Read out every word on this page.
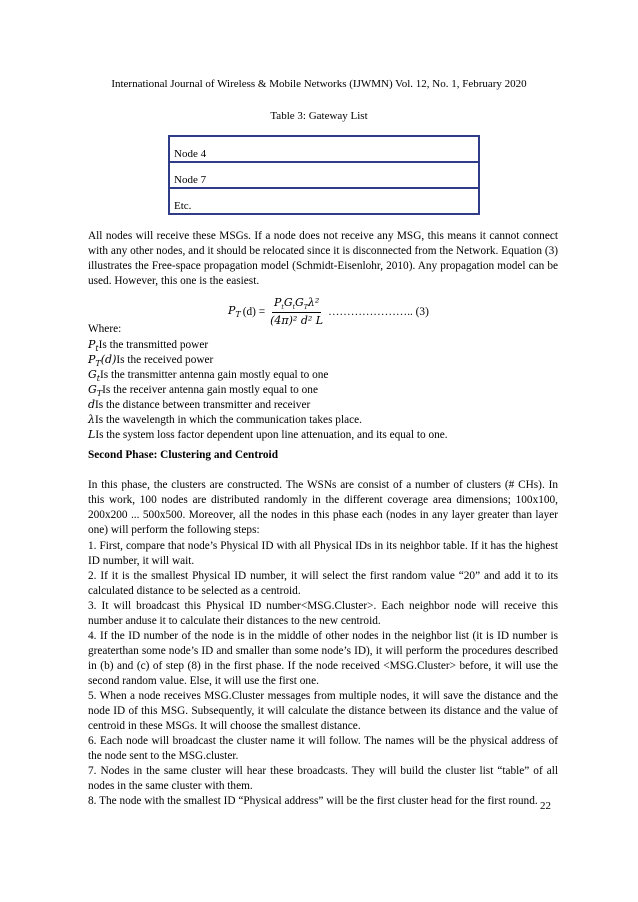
International Journal of Wireless & Mobile Networks (IJWMN) Vol. 12, No. 1, February 2020
Table 3: Gateway List
Node 4
Node 7
Etc.

All nodes will receive these MSGs. If a node does not receive any MSG, this means it cannot connect with any other nodes, and it should be relocated since it is disconnected from the Network. Equation (3) illustrates the Free-space propagation model (Schmidt-Eisenlohr, 2010). Any propagation model can be used. However, this one is the easiest.

$P_T$ $(d) = \frac{P_tG_tG_T\lambda^2}{\text{(4π)² d² L}}$ ………………….. (3)
Where:
$P_tIs$ the transmitted power
$P_T(d)Is$ the received power
$G_tIs$ the transmitter antenna gain mostly equal to one
$G_TIs$ the receiver antenna gain mostly equal to one
dIs the distance between transmitter and receiver
λIs the wavelength in which the communication takes place.
LIs the system loss factor dependent upon line attenuation, and its equal to one.
Second Phase: Clustering and Centroid

In this phase, the clusters are constructed. The WSNs are consist of a number of clusters (# CHs). In this work, 100 nodes are distributed randomly in the different coverage area dimensions; 100x100, 200x200 ... 500x500. Moreover, all the nodes in this phase each (nodes in any layer greater than layer one) will perform the following steps:

1. First, compare that node’s Physical ID with all Physical IDs in its neighbor table. If it has the highest ID number, it will wait.

2. If it is the smallest Physical ID number, it will select the first random value “20” and add it to its calculated distance to be selected as a centroid.

3. It will broadcast this Physical ID number<MSG.Cluster>. Each neighbor node will receive this number anduse it to calculate their distances to the new centroid.

4. If the ID number of the node is in the middle of other nodes in the neighbor list (it is ID number is greaterthan some node’s ID and smaller than some node’s ID), it will perform the procedures described in (b) and (c) of step (8) in the first phase. If the node received <MSG.Cluster> before, it will use the second random value. Else, it will use the first one.

5. When a node receives MSG.Cluster messages from multiple nodes, it will save the distance and the node ID of this MSG. Subsequently, it will calculate the distance between its distance and the value of centroid in these MSGs. It will choose the smallest distance.

6. Each node will broadcast the cluster name it will follow. The names will be the physical address of the node sent to the MSG.cluster.

7. Nodes in the same cluster will hear these broadcasts. They will build the cluster list “table” of all nodes in the same cluster with them.

8. The node with the smallest ID “Physical address” will be the first cluster head for the first round. 22
